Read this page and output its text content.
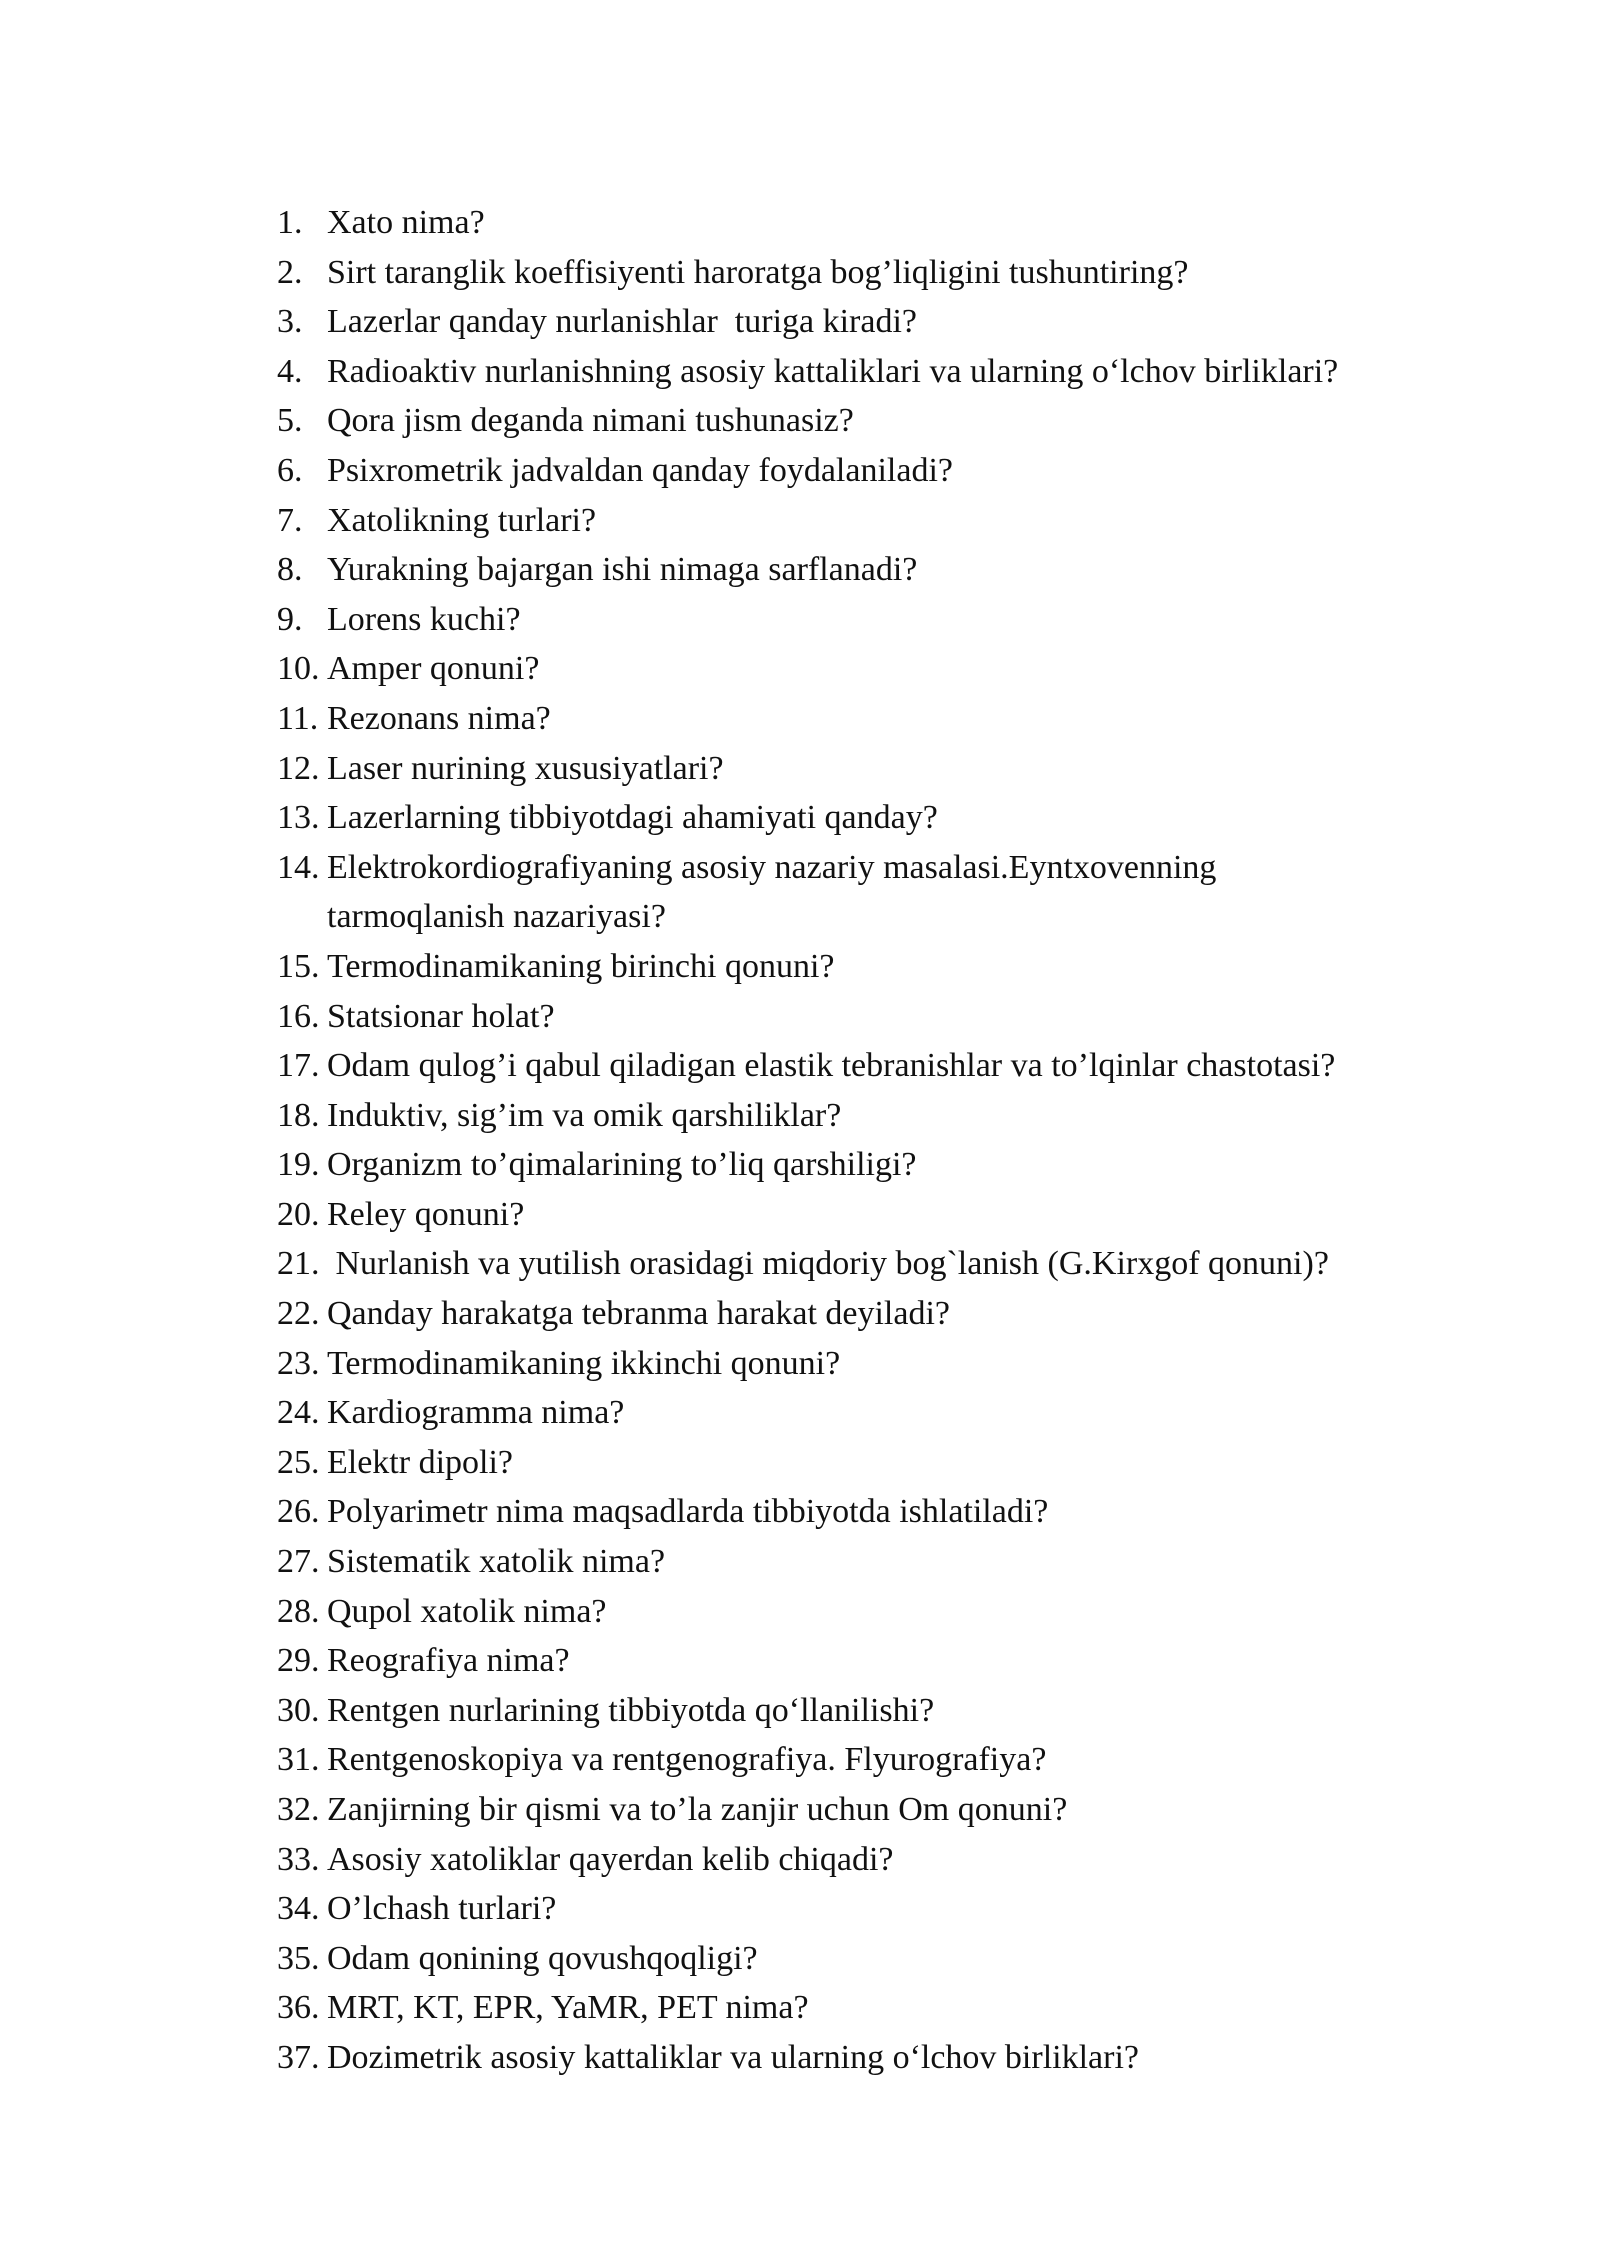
1. Xato nima?
2. Sirt taranglik koeffisiyenti haroratga bog’liqligini tushuntiring?
3. Lazerlar qanday nurlanishlar  turiga kiradi?
4. Radioaktiv nurlanishning asosiy kattaliklari va ularning oʻlchov birliklari?
5. Qora jism deganda nimani tushunasiz?
6. Psixrometrik jadvaldan qanday foydalaniladi?
7. Xatolikning turlari?
8. Yurakning bajargan ishi nimaga sarflanadi?
9. Lorens kuchi?
10. Amper qonuni?
11. Rezonans nima?
12. Laser nurining xususiyatlari?
13. Lazerlarning tibbiyotdagi ahamiyati qanday?
14. Elektrokordiografiyaning asosiy nazariy masalasi.Eyntxovenning tarmoqlanish nazariyasi?
15. Termodinamikaning birinchi qonuni?
16. Statsionar holat?
17. Odam qulog’i qabul qiladigan elastik tebranishlar va to’lqinlar chastotasi?
18. Induktiv, sig’im va omik qarshiliklar?
19. Organizm to’qimalarining to’liq qarshiligi?
20. Reley qonuni?
21. Nurlanish va yutilish orasidagi miqdoriy bog`lanish (G.Kirxgof qonuni)?
22. Qanday harakatga tebranma harakat deyiladi?
23. Termodinamikaning ikkinchi qonuni?
24. Kardiogramma nima?
25. Elektr dipoli?
26. Polyarimetr nima maqsadlarda tibbiyotda ishlatiladi?
27. Sistematik xatolik nima?
28. Qupol xatolik nima?
29. Reografiya nima?
30. Rentgen nurlarining tibbiyotda qoʻllanilishi?
31. Rentgenoskopiya va rentgenografiya. Flyurografiya?
32. Zanjirning bir qismi va to’la zanjir uchun Om qonuni?
33. Asosiy xatoliklar qayerdan kelib chiqadi?
34. O’lchash turlari?
35. Odam qonining qovushqoqligi?
36. MRT, KT, EPR, YaMR, PET nima?
37. Dozimetrik asosiy kattaliklar va ularning oʻlchov birliklari?
